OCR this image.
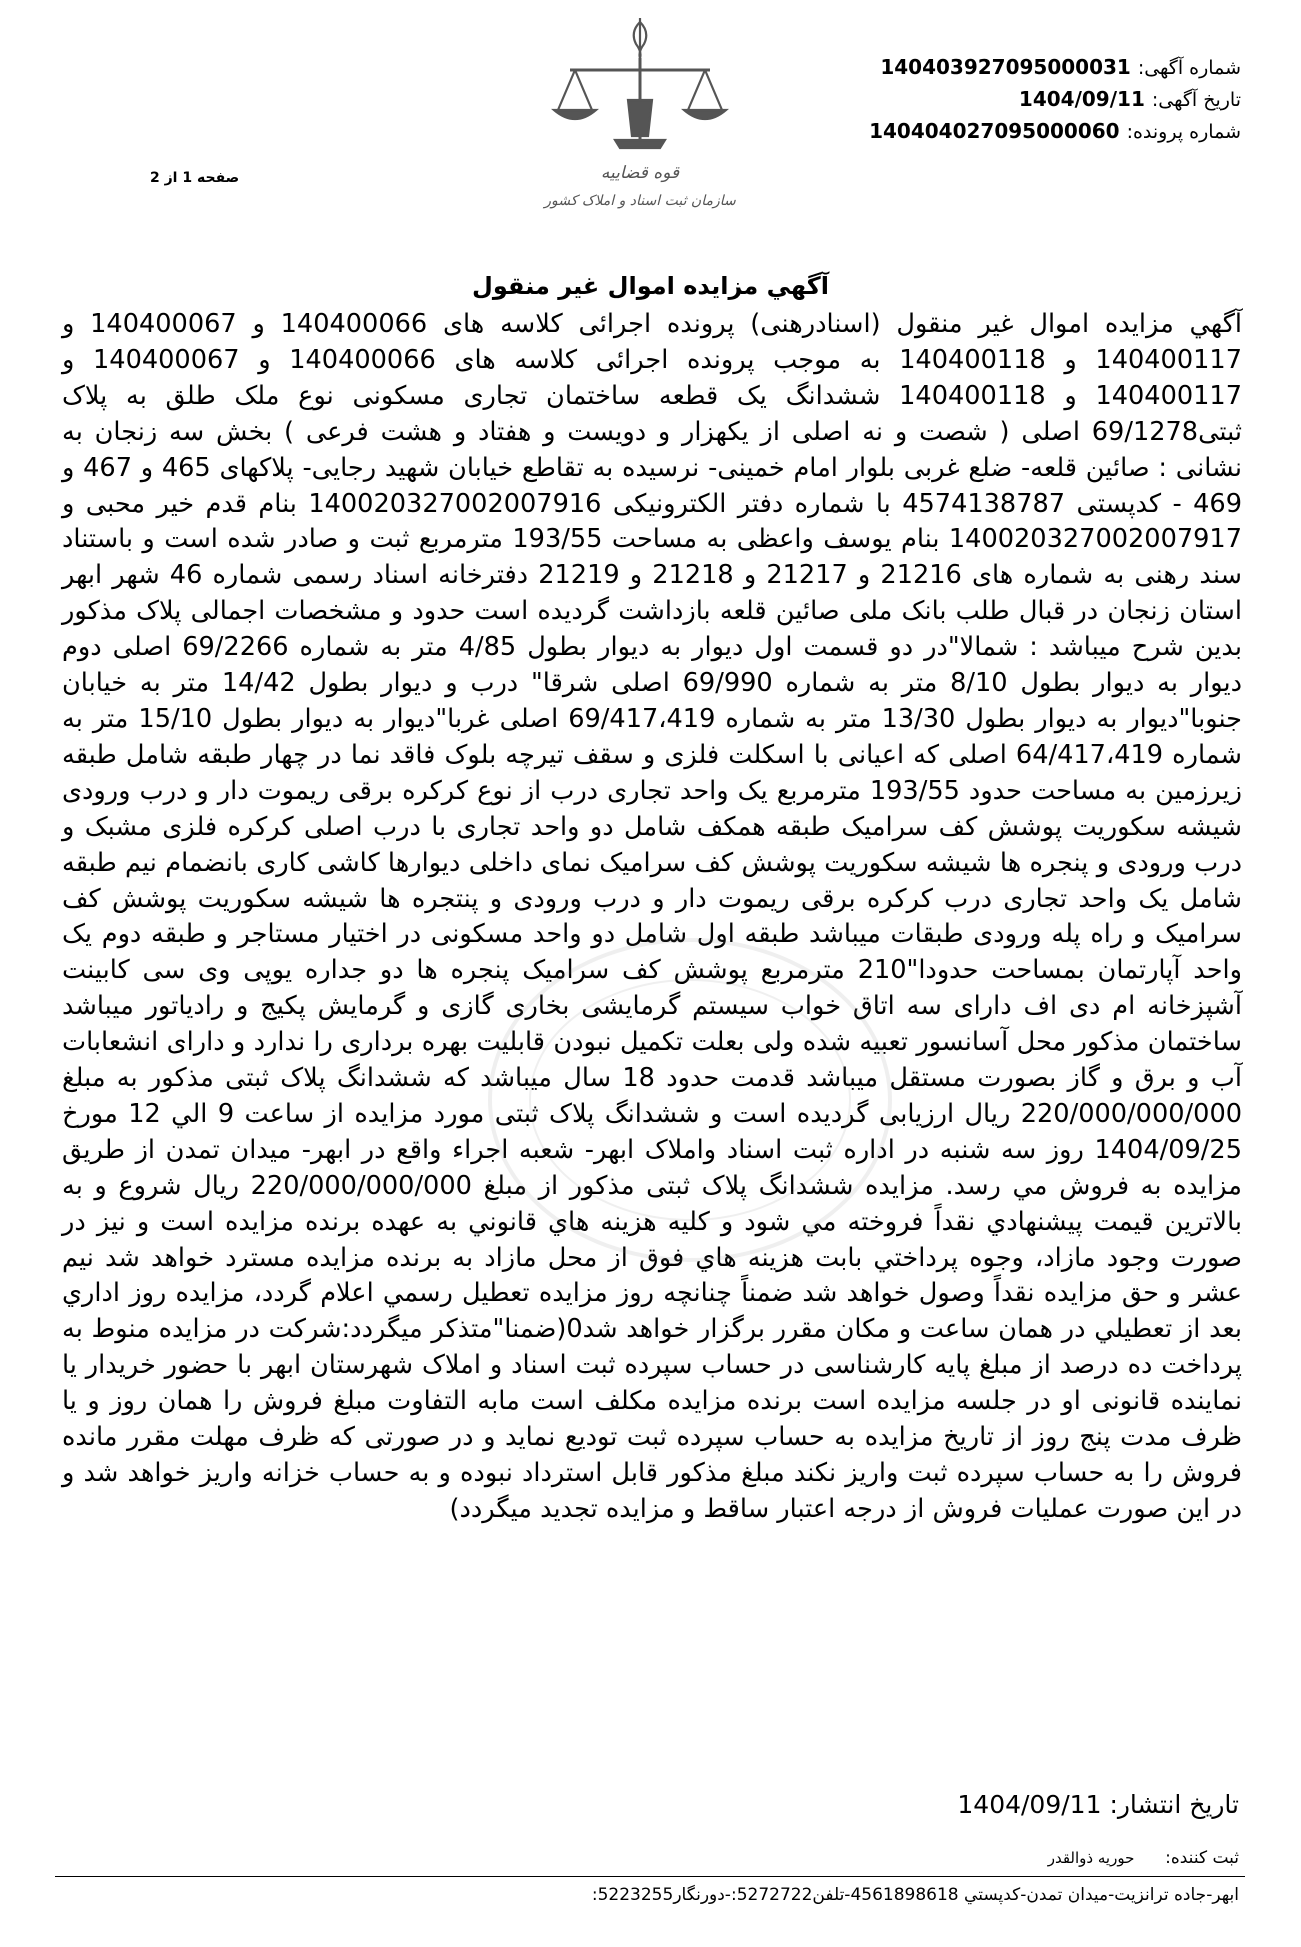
قوه قضاییه
سازمان ثبت اسناد و املاک کشور
شماره آگهی: 140403927095000031
تاریخ آگهی: 1404/09/11
شماره پرونده: 140404027095000060
صفحه 1 از 2
آگهي مزايده اموال غير منقول

آگهي مزايده اموال غير منقول (اسنادرهنی) پرونده اجرائی کلاسه های 140400066 و 140400067 و 140400117 و 140400118 به موجب پرونده اجرائی کلاسه های 140400066 و 140400067 و 140400117 و 140400118 ششدانگ یک قطعه ساختمان تجاری مسکونی نوع ملک طلق به پلاک ثبتی69/1278 اصلی ( شصت و نه اصلی از یکهزار و دویست و هفتاد و هشت فرعی ) بخش سه زنجان به نشانی : صائین قلعه- ضلع غربی بلوار امام خمینی- نرسیده به تقاطع خیابان شهید رجایی- پلاکهای 465 و 467 و 469 - کدپستی 4574138787 با شماره دفتر الکترونیکی 140020327002007916 بنام قدم خیر محبی و 140020327002007917 بنام یوسف واعظی به مساحت 193/55 مترمربع ثبت و صادر شده است و باستناد سند رهنی به شماره های 21216 و 21217 و 21218 و 21219 دفترخانه اسناد رسمی شماره 46 شهر ابهر استان زنجان در قبال طلب بانک ملی صائین قلعه بازداشت گردیده است حدود و مشخصات اجمالی پلاک مذکور بدین شرح میباشد : شمالا"در دو قسمت اول دیوار به دیوار بطول 4/85 متر به شماره 69/2266 اصلی دوم دیوار به دیوار بطول 8/10 متر به شماره 69/990 اصلی شرقا" درب و دیوار بطول 14/42 متر به خیابان جنوبا"دیوار به دیوار بطول 13/30 متر به شماره 69/417،419 اصلی غربا"دیوار به دیوار بطول 15/10 متر به شماره 64/417،419 اصلی که اعیانی با اسکلت فلزی و سقف تیرچه بلوک فاقد نما در چهار طبقه شامل طبقه زیرزمین به مساحت حدود 193/55 مترمربع یک واحد تجاری درب از نوع کرکره برقی ریموت دار و درب ورودی شیشه سکوریت پوشش کف سرامیک طبقه همکف شامل دو واحد تجاری با درب اصلی کرکره فلزی مشبک و درب ورودی و پنجره ها شیشه سکوریت پوشش کف سرامیک نمای داخلی دیوارها کاشی کاری بانضمام نیم طبقه شامل یک واحد تجاری درب کرکره برقی ریموت دار و درب ورودی و پنتجره ها شیشه سکوریت پوشش کف سرامیک و راه پله ورودی طبقات میباشد طبقه اول شامل دو واحد مسکونی در اختیار مستاجر و طبقه دوم یک واحد آپارتمان بمساحت حدودا"210 مترمربع پوشش کف سرامیک پنجره ها دو جداره یوپی وی سی کابینت آشپزخانه ام دی اف دارای سه اتاق خواب سیستم گرمایشی بخاری گازی و گرمایش پکیج و رادیاتور میباشد ساختمان مذکور محل آسانسور تعبیه شده ولی بعلت تکمیل نبودن قابلیت بهره برداری را ندارد و دارای انشعابات آب و برق و گاز بصورت مستقل میباشد قدمت حدود 18 سال میباشد که ششدانگ پلاک ثبتی مذکور به مبلغ 220/000/000/000 ریال ارزیابی گردیده است و ششدانگ پلاک ثبتی مورد مزایده از ساعت 9 الي 12 مورخ 1404/09/25 روز سه شنبه در اداره ثبت اسناد واملاک ابهر- شعبه اجراء واقع در ابهر- میدان تمدن از طریق مزایده به فروش مي رسد. مزایده ششدانگ پلاک ثبتی مذکور از مبلغ 220/000/000/000 ریال شروع و به بالاترین قیمت پیشنهادي نقداً فروخته مي شود و کلیه هزینه هاي قانوني به عهده برنده مزایده است و نیز در صورت وجود مازاد، وجوه پرداختي بابت هزینه هاي فوق از محل مازاد به برنده مزایده مسترد خواهد شد نیم عشر و حق مزايده نقداً وصول خواهد شد ضمناً چنانچه روز مزايده تعطيل رسمي اعلام گردد، مزايده روز اداري بعد از تعطيلي در همان ساعت و مکان مقرر برگزار خواهد شد0(ضمنا"متذکر میگردد:شرکت در مزایده منوط به پرداخت ده درصد از مبلغ پایه کارشناسی در حساب سپرده ثبت اسناد و املاک شهرستان ابهر با حضور خریدار یا نماینده قانونی او در جلسه مزایده است برنده مزایده مکلف است مابه التفاوت مبلغ فروش را همان روز و یا ظرف مدت پنج روز از تاریخ مزایده به حساب سپرده ثبت تودیع نماید و در صورتی که ظرف مهلت مقرر مانده فروش را به حساب سپرده ثبت واریز نکند مبلغ مذکور قابل استرداد نبوده و به حساب خزانه واریز خواهد شد و در این صورت عملیات فروش از درجه اعتبار ساقط و مزایده تجدید میگردد)

تاریخ انتشار: 1404/09/11
ثبت کننده: حوریه ذوالقدر
ابهر-جاده ترانزیت-میدان تمدن-کدپستي 4561898618-تلفن5272722:-دورنگار5223255:
